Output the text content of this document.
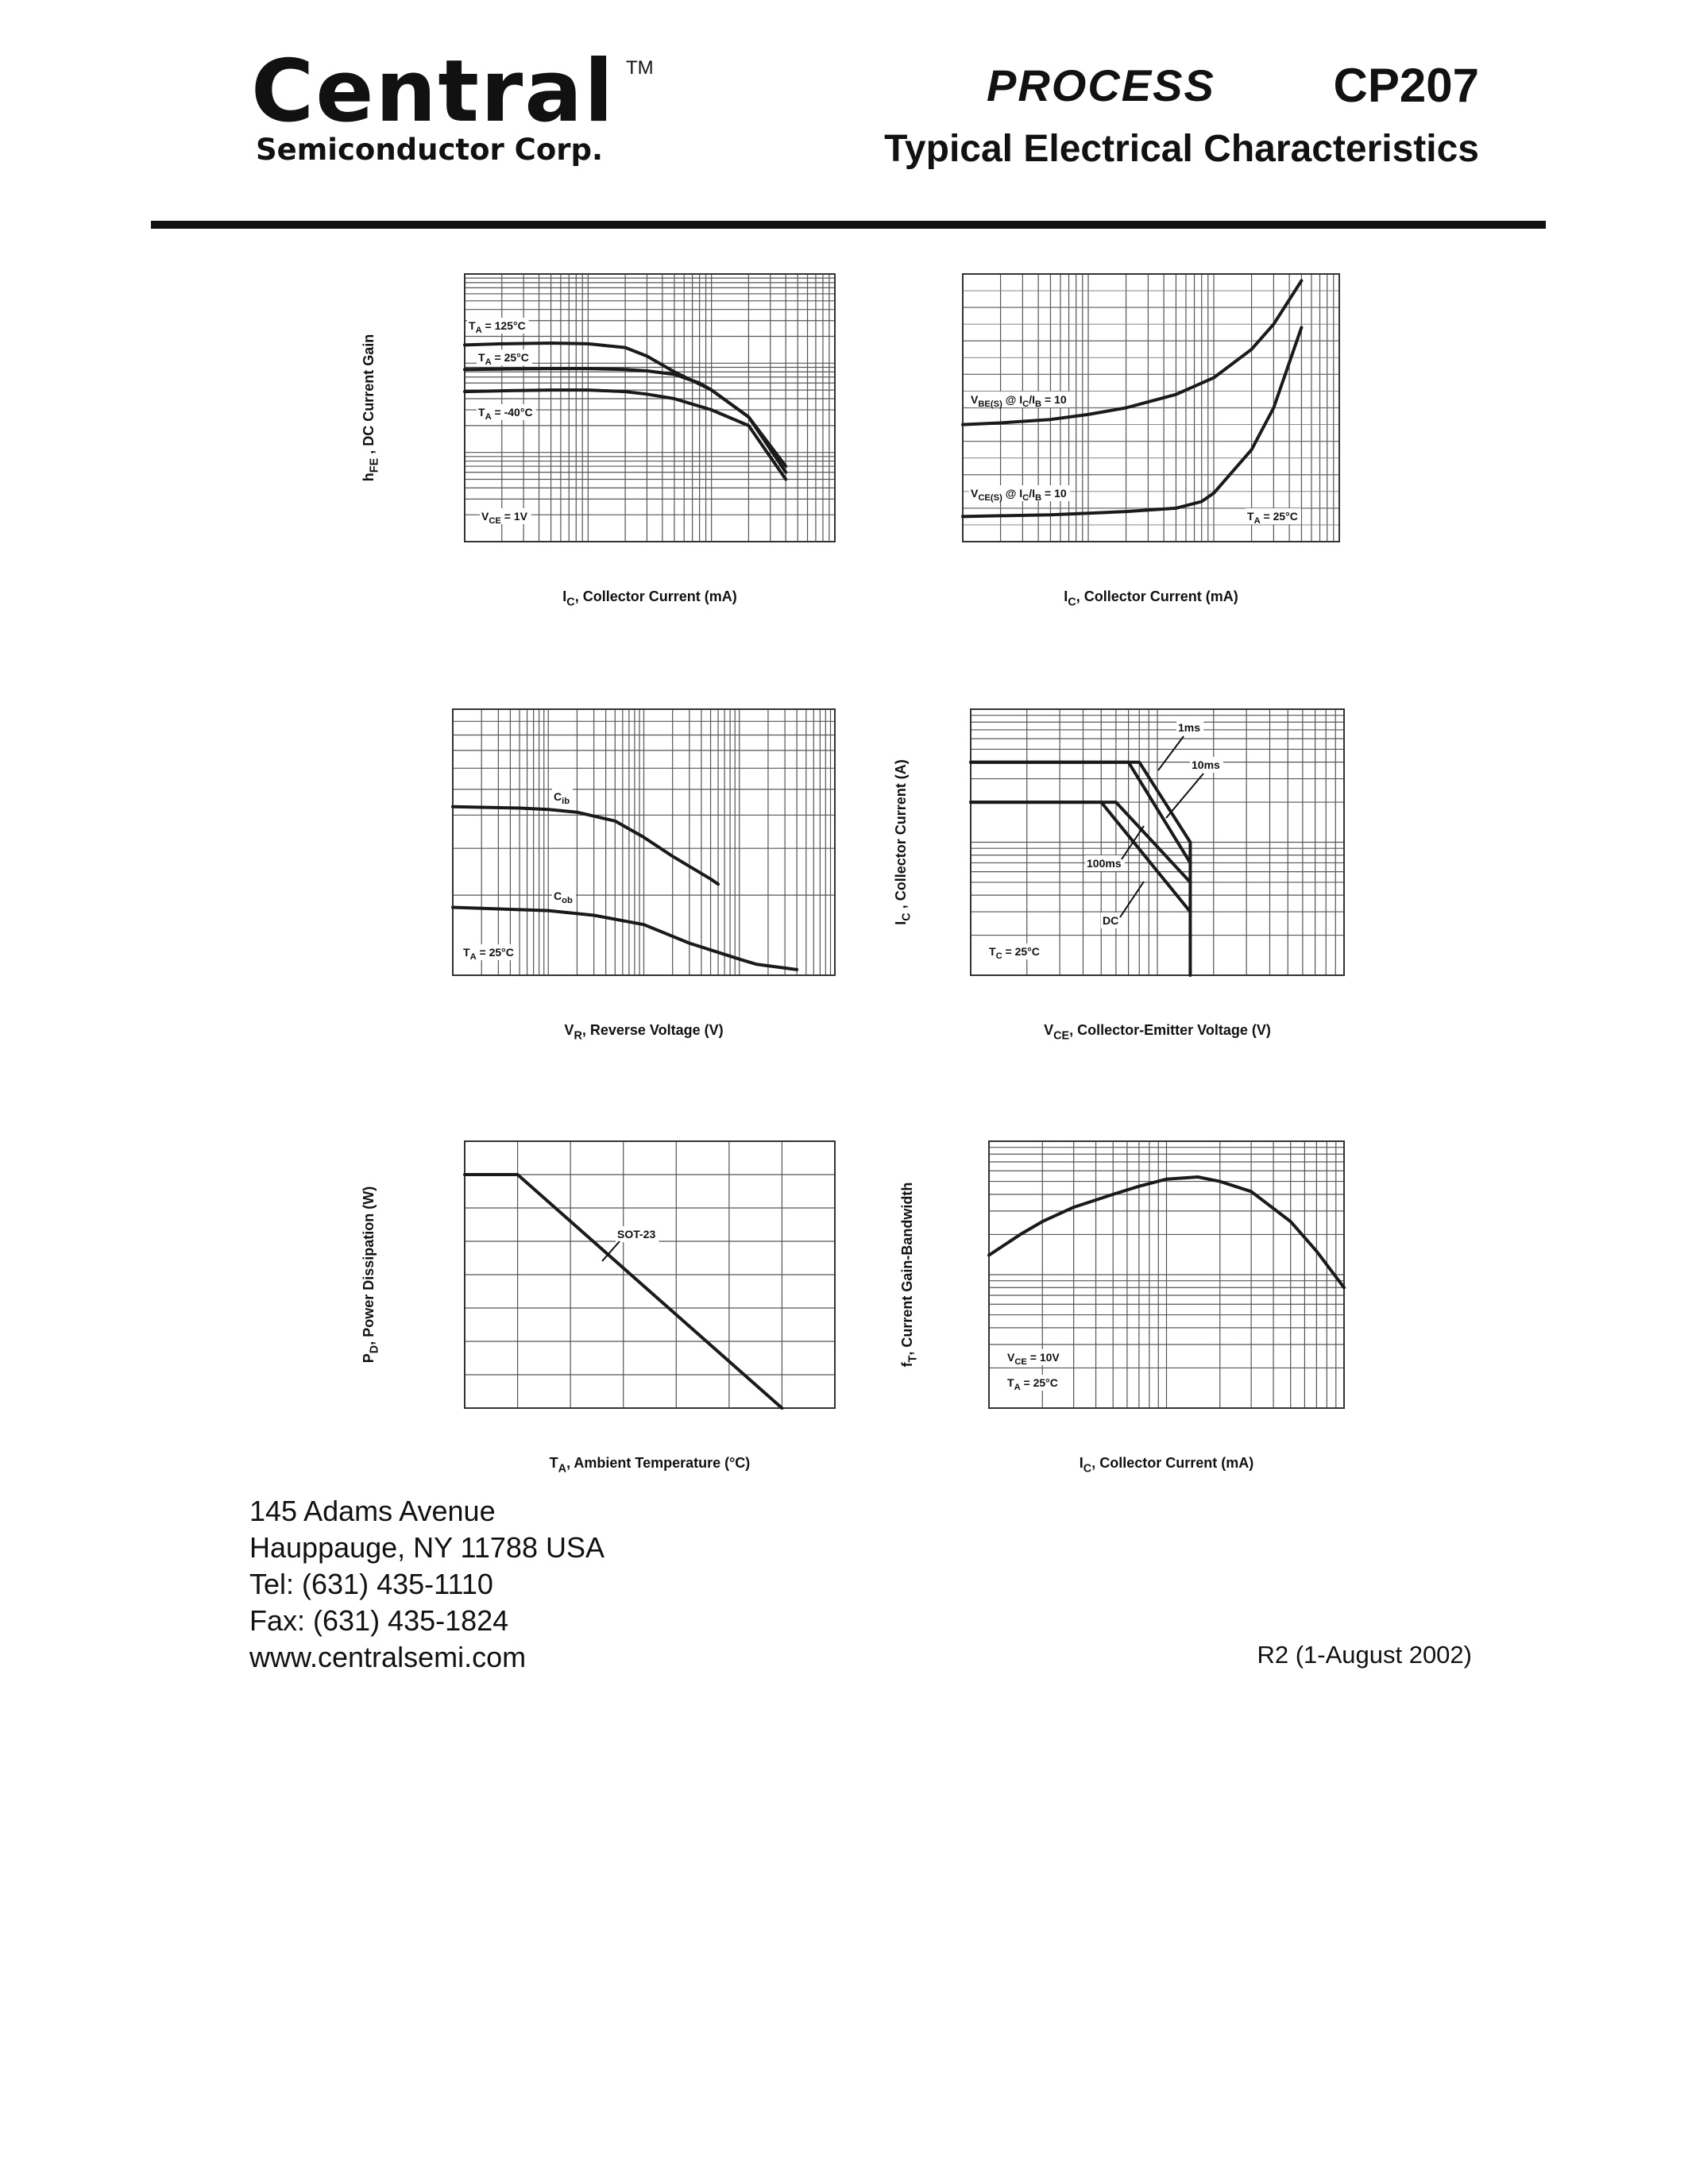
Central TM
Semiconductor Corp.
PROCESS CP207
Typical Electrical Characteristics
$I_C$, Collector Current (mA)
$h_{FE}$ , DC Current Gain
$T_A = 125^\circ C$
$T_A = 25^\circ C$
$T_A = -40^\circ C$
$V_{CE} = 1V$
$I_C$, Collector Current (mA)
$V_{BE(S)}$ @ $I_C/I_B = 10$
$V_{CE(S)}$ @ $I_C/I_B = 10$
$T_A = 25^\circ C$
$V_R$, Reverse Voltage (V)
$C_{ib}$
$C_{ob}$
$T_A = 25^\circ C$
$V_{CE}$, Collector-Emitter Voltage (V)
$I_C$ , Collector Current (A)
1ms
10ms
100ms
DC
$T_C = 25^\circ C$
$T_A$, Ambient Temperature (°C)
$P_D$, Power Dissipation (W)	SOT-23
$I_C$, Collector Current (mA)
$f_T$, Current Gain-Bandwidth
$V_{CE} = 10V$
$T_A = 25^\circ C$
145 Adams Avenue
Hauppauge, NY 11788 USA
Tel: (631) 435-1110
Fax: (631) 435-1824
www.centralsemi.com	R2 (1-August 2002)
